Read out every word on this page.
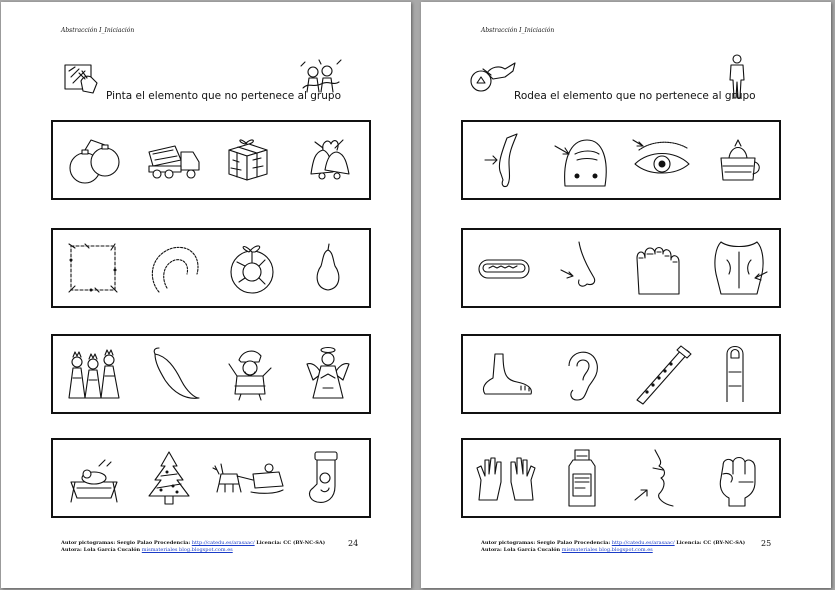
Abstracción I_Iniciación
Pinta el elemento que no pertenece al grupo
Autor pictogramas: Sergio Palao Procedencia: http://catedu.es/arasaac/ Licencia: CC (BY-NC-SA)
Autora: Lola García Cucalón mismateriales blog.blogspot.com.es
24
Abstracción I_Iniciación
Rodea el elemento que no pertenece al grupo
Autor pictogramas: Sergio Palao Procedencia: http://catedu.es/arasaac/ Licencia: CC (BY-NC-SA)
Autora: Lola García Cucalón mismateriales blog.blogspot.com.es
25
